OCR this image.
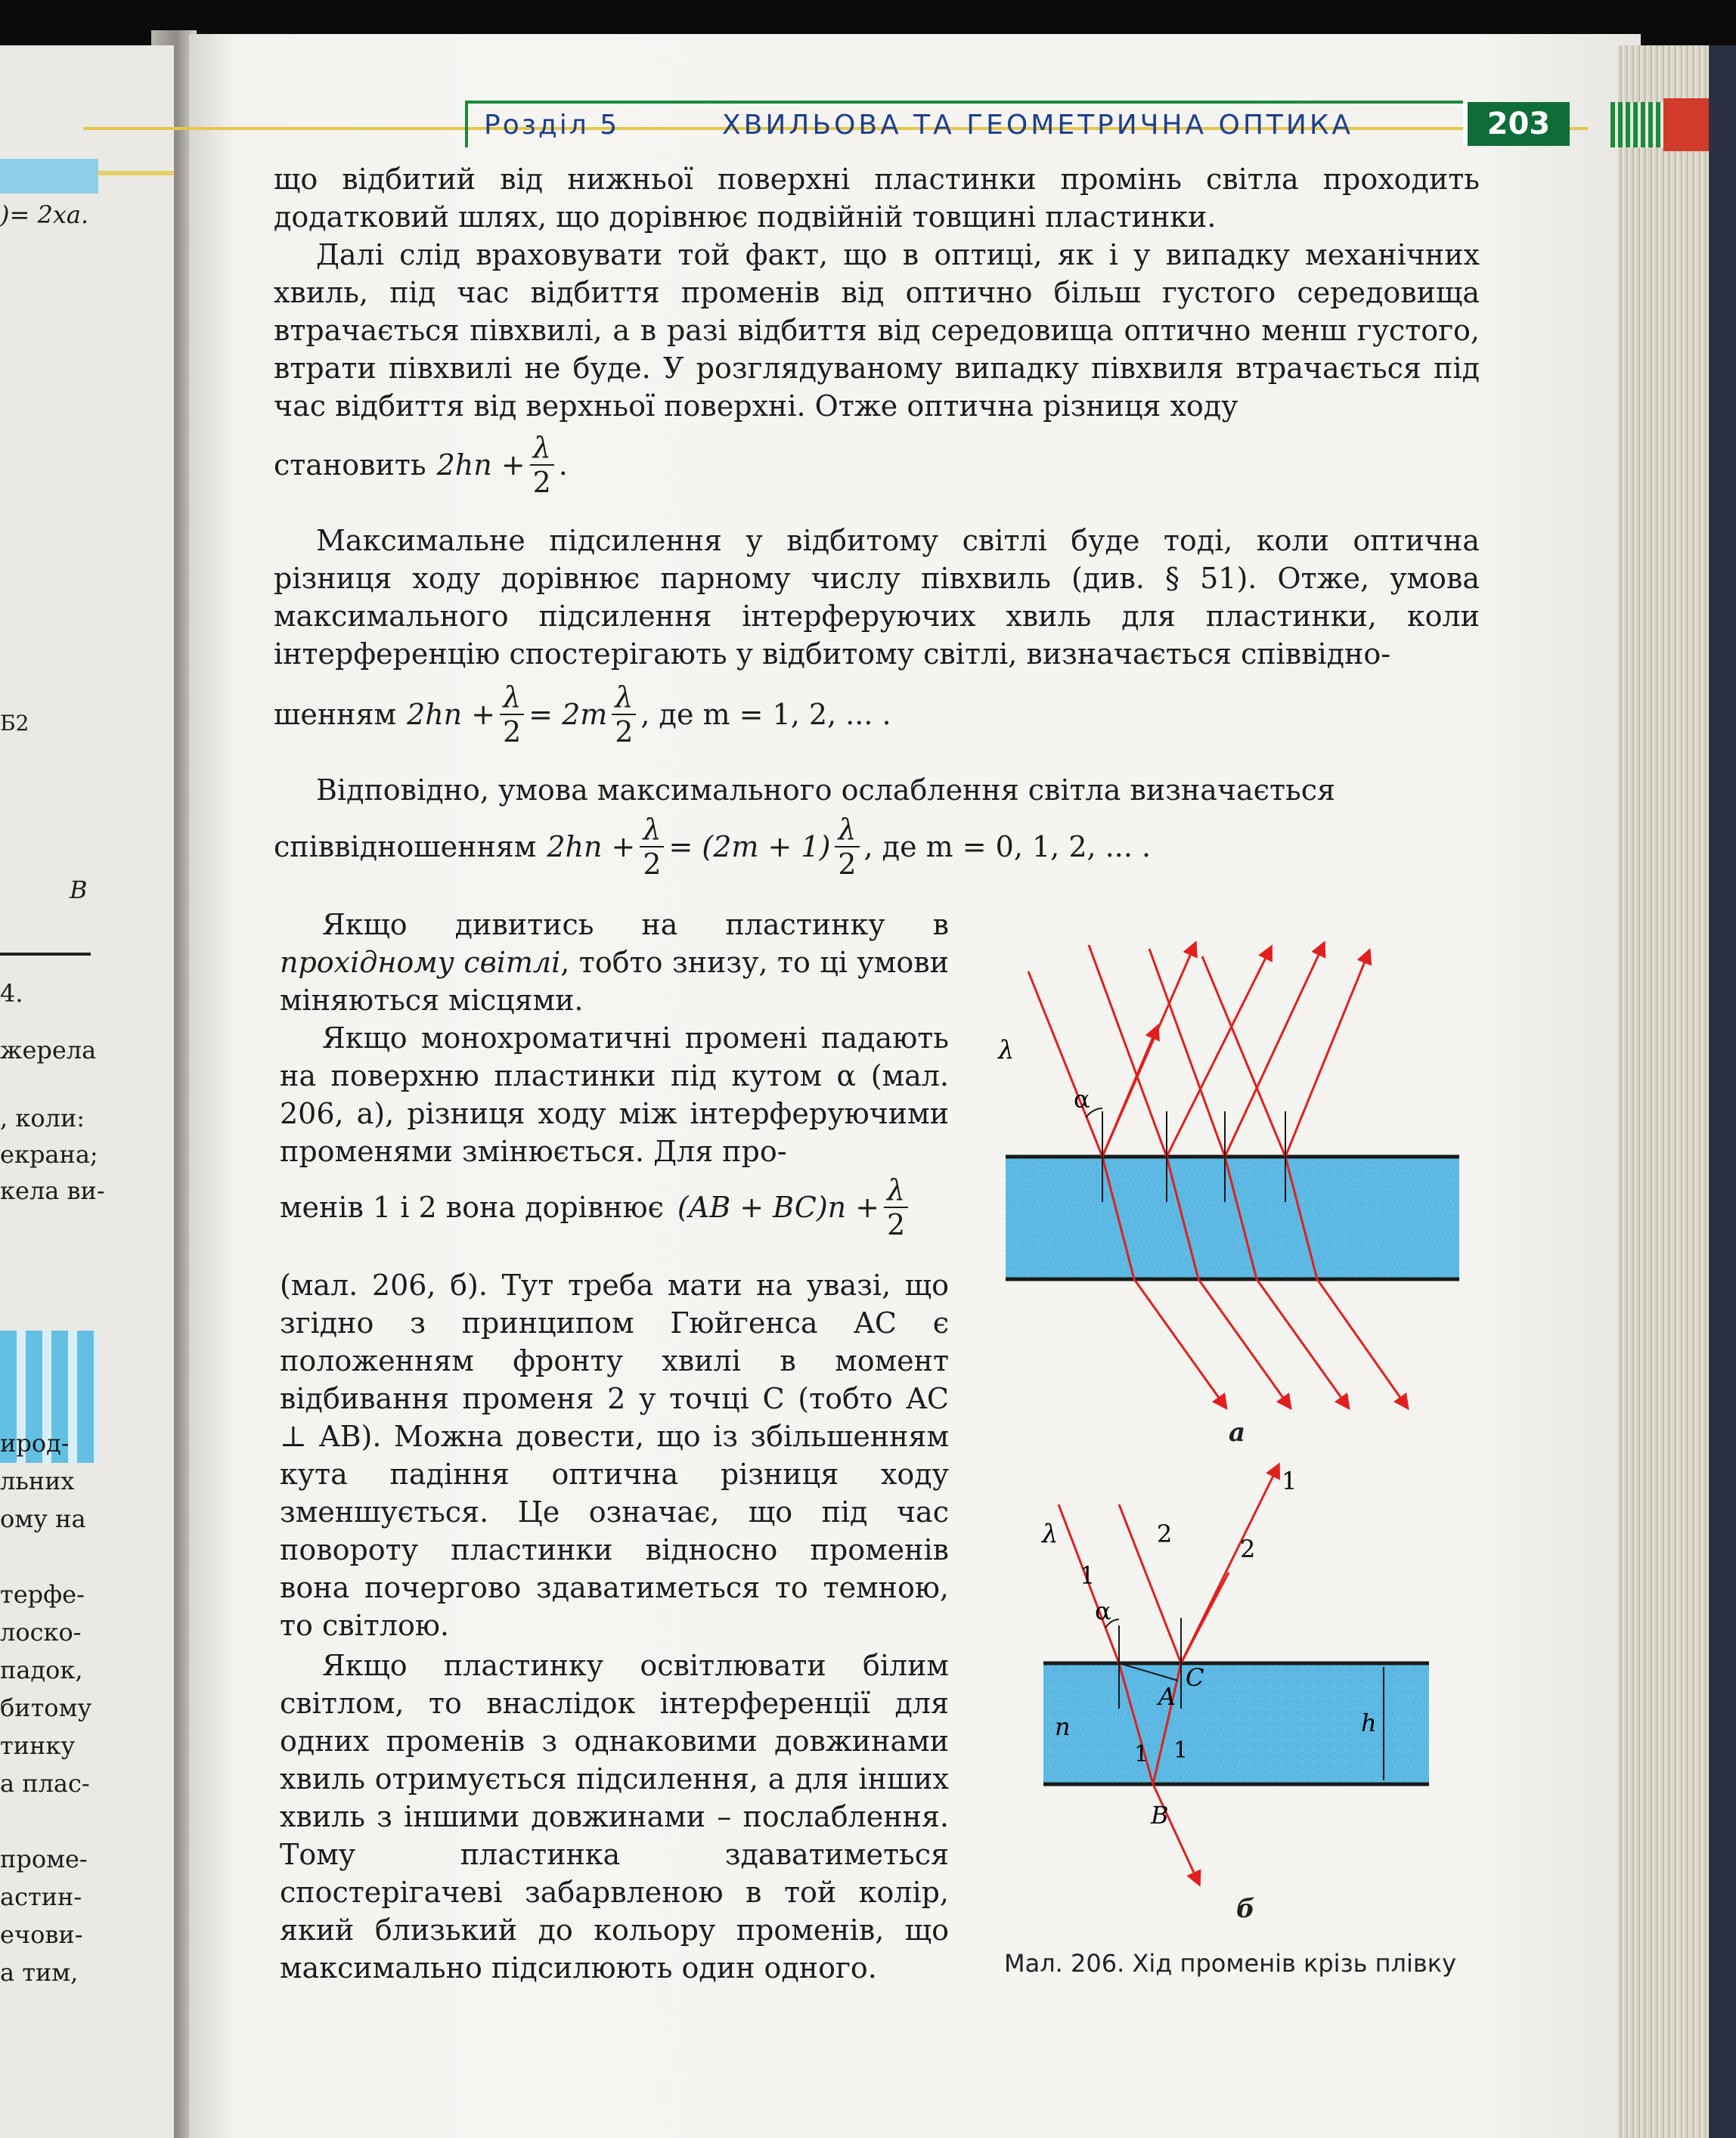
)= 2xa.
Б2
B
4.
жерела
, коли:
екрана;
кела ви-
ирод-
льних
ому на
терфе-
лоско-
падок,
битому
тинку
а плас-
проме-
астин-
ечови-
а тим,
Розділ 5	ХВИЛЬОВА ТА ГЕОМЕТРИЧНА ОПТИКА	203
що відбитий від нижньої поверхні пластинки промінь світла проходить додатковий шлях, що дорівнює подвійній товщині пластинки.
Далі слід враховувати той факт, що в оптиці, як і у випадку механічних хвиль, під час відбиття променів від оптично більш густого середовища втрачається півхвилі, а в разі відбиття від середовища оптично менш густого, втрати півхвилі не буде. У розглядуваному випадку півхвиля втрачається під час відбиття від верхньої поверхні. Отже оптична різниця ходу
становить $2hn + \frac{\lambda}{2}$ .
Максимальне підсилення у відбитому світлі буде тоді, коли оптична різниця ходу дорівнює парному числу півхвиль (див. § 51). Отже, умова максимального підсилення інтерферуючих хвиль для пластинки, коли інтерференцію спостерігають у відбитому світлі, визначається співвідно-
шенням $2hn + \frac{\lambda}{2} = 2m \frac{\lambda}{2}$ , де m = 1, 2, ... .
Відповідно, умова максимального ослаблення світла визначається
співвідношенням $2hn + \frac{\lambda}{2} = (2m + 1) \frac{\lambda}{2}$ , де m = 0, 1, 2, ... .
Якщо дивитись на пластинку в прохідному світлі, тобто знизу, то ці умови міняються місцями.
Якщо монохроматичні промені падають на поверхню пластинки під кутом α (мал. 206, а), різниця ходу між інтерферуючими променями змінюється. Для про-
менів 1 і 2 вона дорівнює $(AB + BC)n + \frac{\lambda}{2}$
(мал. 206, б). Тут треба мати на увазі, що згідно з принципом Гюйгенса AC є положенням фронту хвилі в момент відбивання променя 2 у точці C (тобто AC ⊥ AB). Можна довести, що із збільшенням кута падіння оптична різниця ходу зменшується. Це означає, що під час повороту пластинки відносно променів вона почергово здаватиметься то темною, то світлою.
Якщо пластинку освітлювати білим світлом, то внаслідок інтерференції для одних променів з однаковими довжинами хвиль отримується підсилення, а для інших хвиль з іншими довжинами – послаблення. Тому пластинка здаватиметься спостерігачеві забарвленою в той колір, який близький до кольору променів, що максимально підсилюють один одного.
λ
α
λ
α
1
2
1
2
A
C
B
1 1
n	h
а
б
Мал. 206. Хід променів крізь плівку
